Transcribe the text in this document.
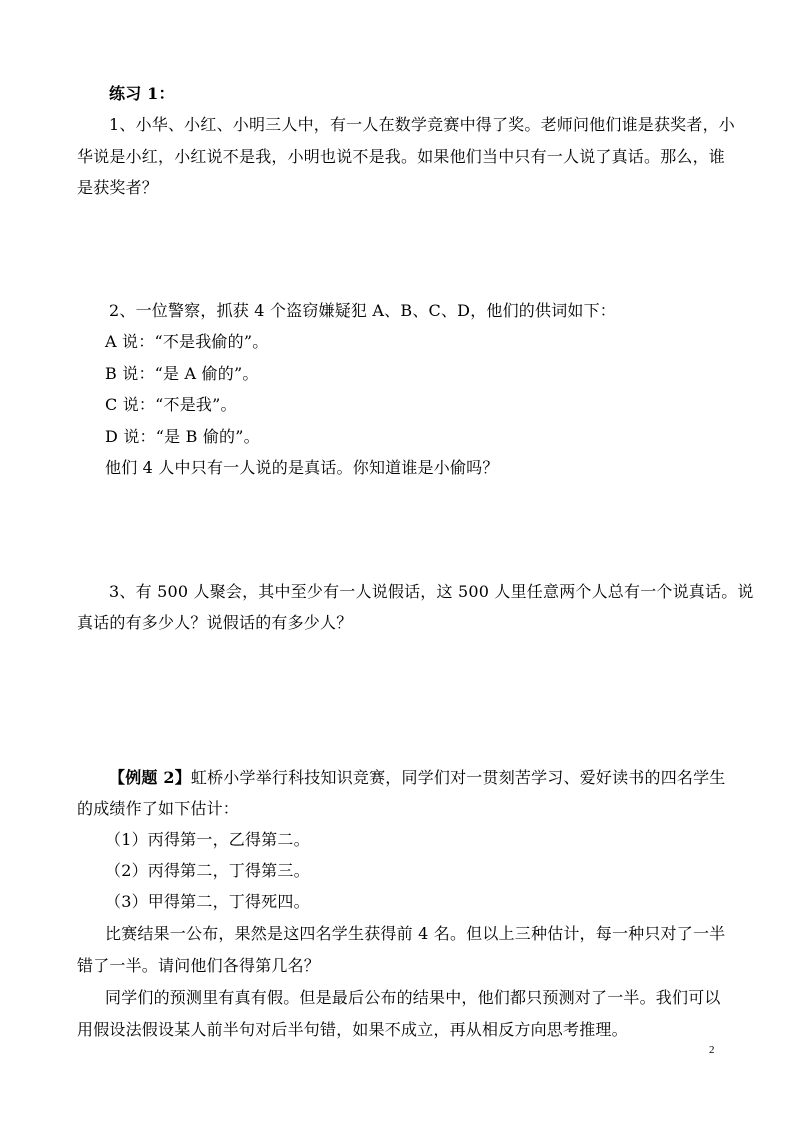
练习 1：
1、小华、小红、小明三人中，有一人在数学竞赛中得了奖。老师问他们谁是获奖者，小
华说是小红，小红说不是我，小明也说不是我。如果他们当中只有一人说了真话。那么，谁
是获奖者？
2、一位警察，抓获 4 个盗窃嫌疑犯 A、B、C、D，他们的供词如下：
A 说：“不是我偷的”。
B 说：“是 A 偷的”。
C 说：“不是我”。
D 说：“是 B 偷的”。
他们 4 人中只有一人说的是真话。你知道谁是小偷吗？
3、有 500 人聚会，其中至少有一人说假话，这 500 人里任意两个人总有一个说真话。说
真话的有多少人？说假话的有多少人？
【例题 2】虹桥小学举行科技知识竞赛，同学们对一贯刻苦学习、爱好读书的四名学生
的成绩作了如下估计：
（1）丙得第一，乙得第二。
（2）丙得第二，丁得第三。
（3）甲得第二，丁得死四。
比赛结果一公布，果然是这四名学生获得前 4 名。但以上三种估计，每一种只对了一半
错了一半。请问他们各得第几名？
同学们的预测里有真有假。但是最后公布的结果中，他们都只预测对了一半。我们可以
用假设法假设某人前半句对后半句错，如果不成立，再从相反方向思考推理。
2
